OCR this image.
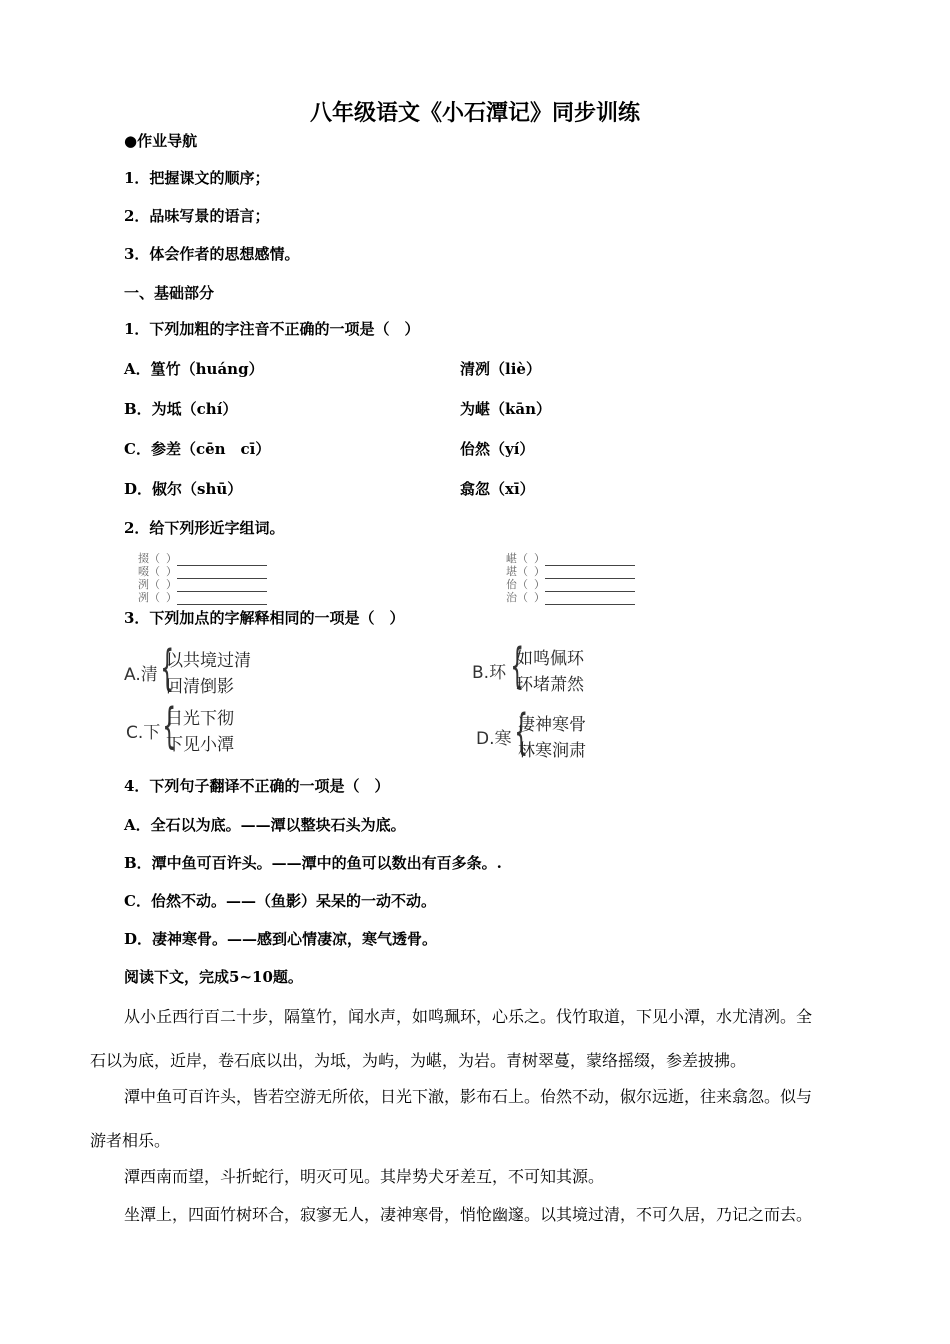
八年级语文《小石潭记》同步训练
●作业导航
1．把握课文的顺序；
2．品味写景的语言；
3．体会作者的思想感情。
一、基础部分
1．下列加粗的字注音不正确的一项是（　）
A．篁竹（huáng）	清冽（liè）
B．为坻（chí）	为嵁（kān）
C．参差（cēn　cī）	佁然（yí）
D．俶尔（shū）	翕忽（xī）
2．给下列形近字组词。
掇（ ）
啜（ ）
洌（ ）
冽（ ）
嵁（ ）
堪（ ）
佁（ ）
治（ ）
3．下列加点的字解释相同的一项是（　）
A.清 {
以共境过清
回清倒影
B.环 {
如鸣佩环
环堵萧然
C.下 {
日光下彻
下见小潭	D.寒 {
凄神寒骨
林寒涧肃
4．下列句子翻译不正确的一项是（　）
A．全石以为底。——潭以整块石头为底。
B．潭中鱼可百许头。——潭中的鱼可以数出有百多条。.
C．佁然不动。——（鱼影）呆呆的一动不动。
D．凄神寒骨。——感到心情凄凉，寒气透骨。
阅读下文，完成5~10题。
从小丘西行百二十步，隔篁竹，闻水声，如鸣珮环，心乐之。伐竹取道，下见小潭，水尤清冽。全
石以为底，近岸，卷石底以出，为坻，为屿，为嵁，为岩。青树翠蔓，蒙络摇缀，参差披拂。
潭中鱼可百许头，皆若空游无所依，日光下澈，影布石上。佁然不动，俶尔远逝，往来翕忽。似与
游者相乐。
潭西南而望，斗折蛇行，明灭可见。其岸势犬牙差互，不可知其源。
坐潭上，四面竹树环合，寂寥无人，凄神寒骨，悄怆幽邃。以其境过清，不可久居，乃记之而去。
